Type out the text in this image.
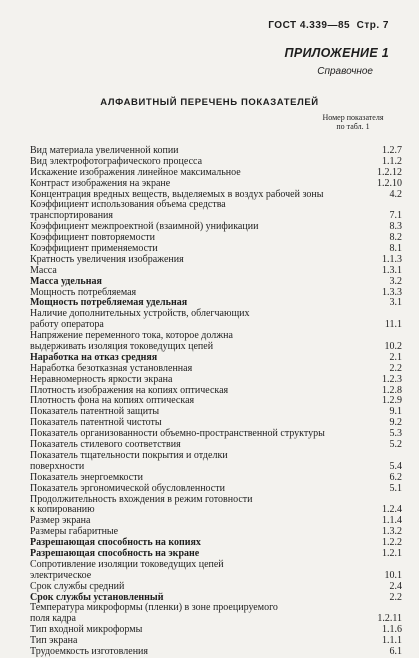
ГОСТ 4.339—85 Стр. 7
ПРИЛОЖЕНИЕ 1
Справочное
АЛФАВИТНЫЙ ПЕРЕЧЕНЬ ПОКАЗАТЕЛЕЙ
Номер показателя
по табл. 1
Вид материала увеличенной копии	1.2.7
Вид электрофотографического процесса	1.1.2
Искажение изображения линейное максимальное	1.2.12
Контраст изображения на экране	1.2.10
Концентрация вредных веществ, выделяемых в воздух рабочей зоны	4.2
Коэффициент использования объема средства
транспортирования	7.1
Коэффициент межпроектной (взаимной) унификации	8.3
Коэффициент повторяемости	8.2
Коэффициент применяемости	8.1
Кратность увеличения изображения	1.1.3
Масса	1.3.1
Масса удельная	3.2
Мощность потребляемая	1.3.3
Мощность потребляемая удельная	3.1
Наличие дополнительных устройств, облегчающих
работу оператора	11.1
Напряжение переменного тока, которое должна
выдерживать изоляция токоведущих цепей	10.2
Наработка на отказ средняя	2.1
Наработка безотказная установленная	2.2
Неравномерность яркости экрана	1.2.3
Плотность изображения на копиях оптическая	1.2.8
Плотность фона на копиях оптическая	1.2.9
Показатель патентной защиты	9.1
Показатель патентной чистоты	9.2
Показатель организованности объемно-пространственной структуры	5.3
Показатель стилевого соответствия	5.2
Показатель тщательности покрытия и отделки
поверхности	5.4
Показатель энергоемкости	6.2
Показатель эргономической обусловленности	5.1
Продолжительность вхождения в режим готовности
к копированию	1.2.4
Размер экрана	1.1.4
Размеры габаритные	1.3.2
Разрешающая способность на копиях	1.2.2
Разрешающая способность на экране	1.2.1
Сопротивление изоляции токоведущих цепей
электрическое	10.1
Срок службы средний	2.4
Срок службы установленный	2.2
Температура микроформы (пленки) в зоне проецируемого
поля кадра	1.2.11
Тип входной микроформы	1.1.6
Тип экрана	1.1.1
Трудоемкость изготовления	6.1
